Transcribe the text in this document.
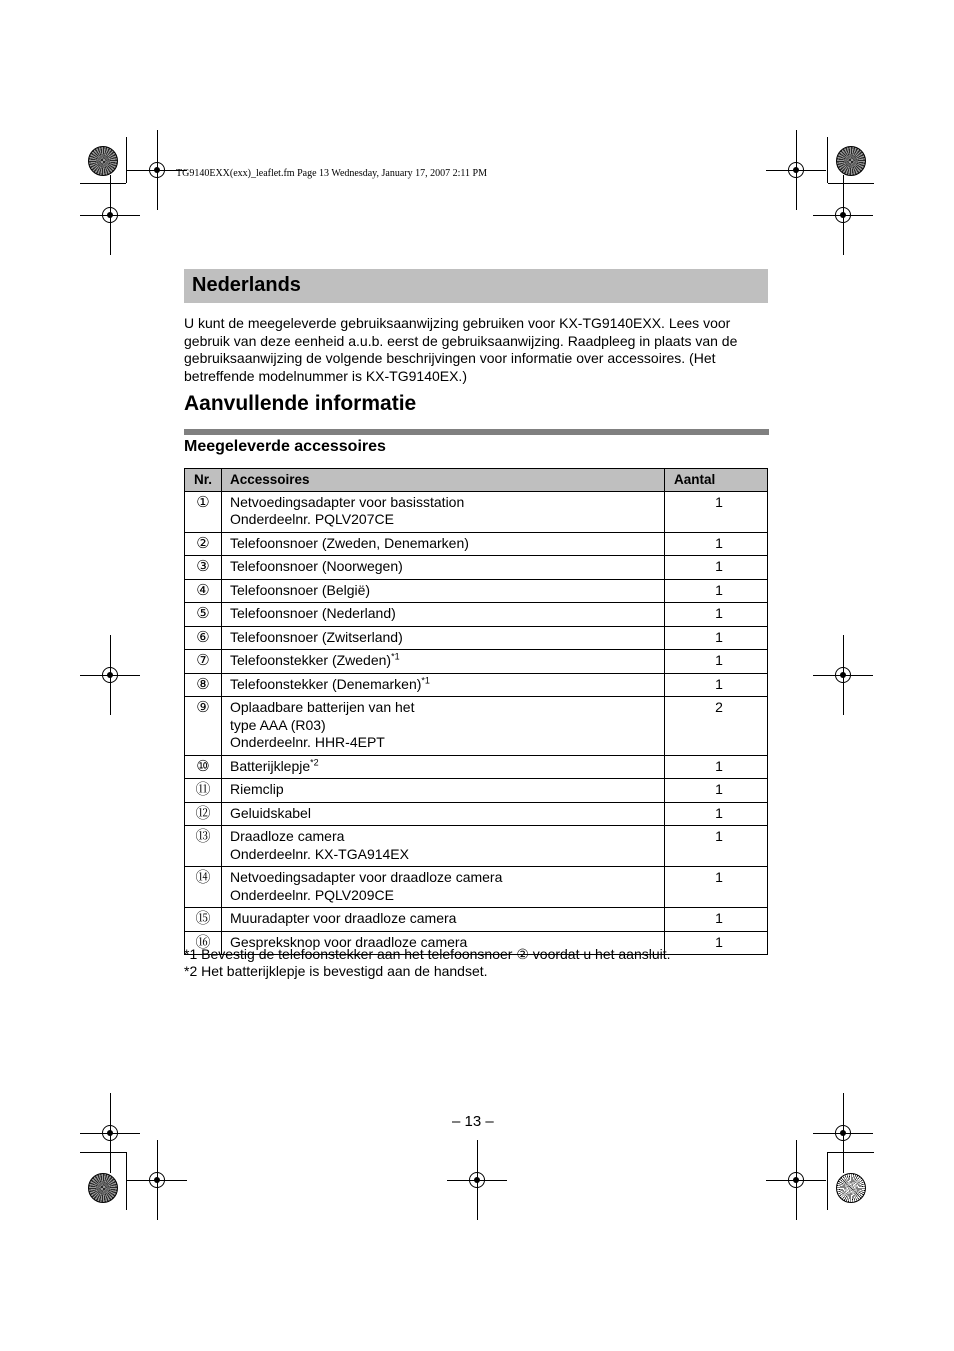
TG9140EXX(exx)_leaflet.fm Page 13 Wednesday, January 17, 2007 2:11 PM
Nederlands
U kunt de meegeleverde gebruiksaanwijzing gebruiken voor KX-TG9140EXX. Lees voor gebruik van deze eenheid a.u.b. eerst de gebruiksaanwijzing. Raadpleeg in plaats van de gebruiksaanwijzing de volgende beschrijvingen voor informatie over accessoires. (Het betreffende modelnummer is KX-TG9140EX.)
Aanvullende informatie
Meegeleverde accessoires
Nr.	Accessoires	Aantal
①	Netvoedingsadapter voor basisstation
Onderdeelnr. PQLV207CE	1
②	Telefoonsnoer (Zweden, Denemarken)	1
③	Telefoonsnoer (Noorwegen)	1
④	Telefoonsnoer (België)	1
⑤	Telefoonsnoer (Nederland)	1
⑥	Telefoonsnoer (Zwitserland)	1
⑦	Telefoonstekker (Zweden)$^{*1}$	1
⑧	Telefoonstekker (Denemarken)$^{*1}$	1
⑨	Oplaadbare batterijen van het
type AAA (R03)
Onderdeelnr. HHR-4EPT	2
⑩	Batterijklepje$^{*2}$	1
⑪	Riemclip	1
⑫	Geluidskabel	1
⑬	Draadloze camera
Onderdeelnr. KX-TGA914EX	1
⑭	Netvoedingsadapter voor draadloze camera
Onderdeelnr. PQLV209CE	1
⑮	Muuradapter voor draadloze camera	1
⑯	Gespreksknop voor draadloze camera	1
*1 Bevestig de telefoonstekker aan het telefoonsnoer ② voordat u het aansluit.
*2 Het batterijklepje is bevestigd aan de handset.
– 13 –
